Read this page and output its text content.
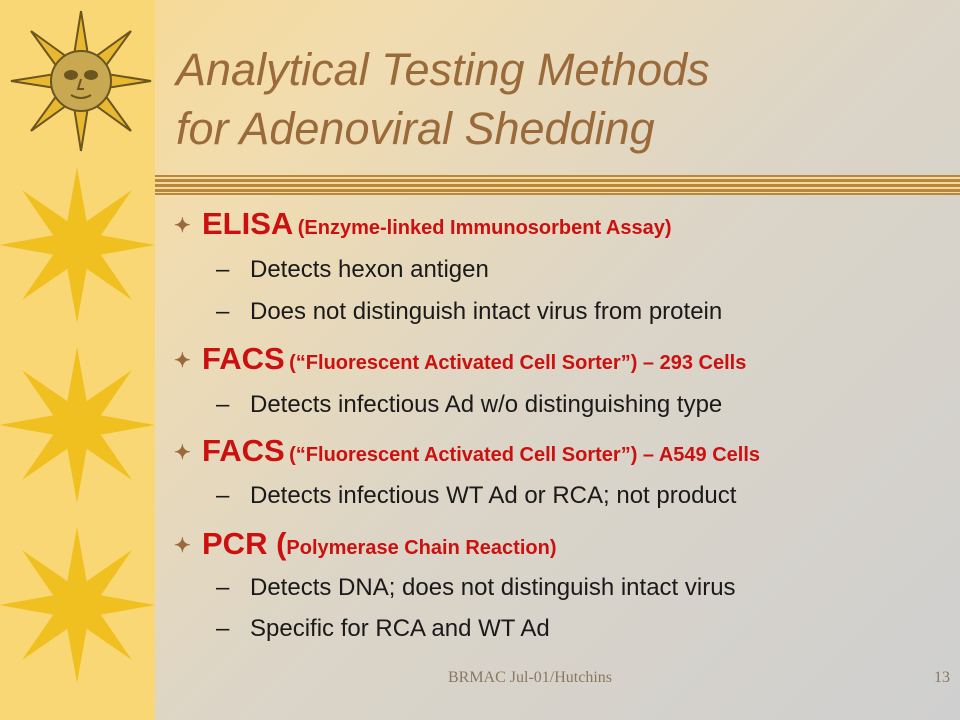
Analytical Testing Methods
for Adenoviral Shedding
✦ ELISA (Enzyme-linked Immunosorbent Assay)
– Detects hexon antigen
– Does not distinguish intact virus from protein
✦ FACS (“Fluorescent Activated Cell Sorter”) – 293 Cells
– Detects infectious Ad w/o distinguishing type
✦ FACS (“Fluorescent Activated Cell Sorter”) – A549 Cells
– Detects infectious WT Ad or RCA; not product
✦ PCR (Polymerase Chain Reaction)
– Detects DNA; does not distinguish intact virus
– Specific for RCA and WT Ad
BRMAC Jul-01/Hutchins	13
